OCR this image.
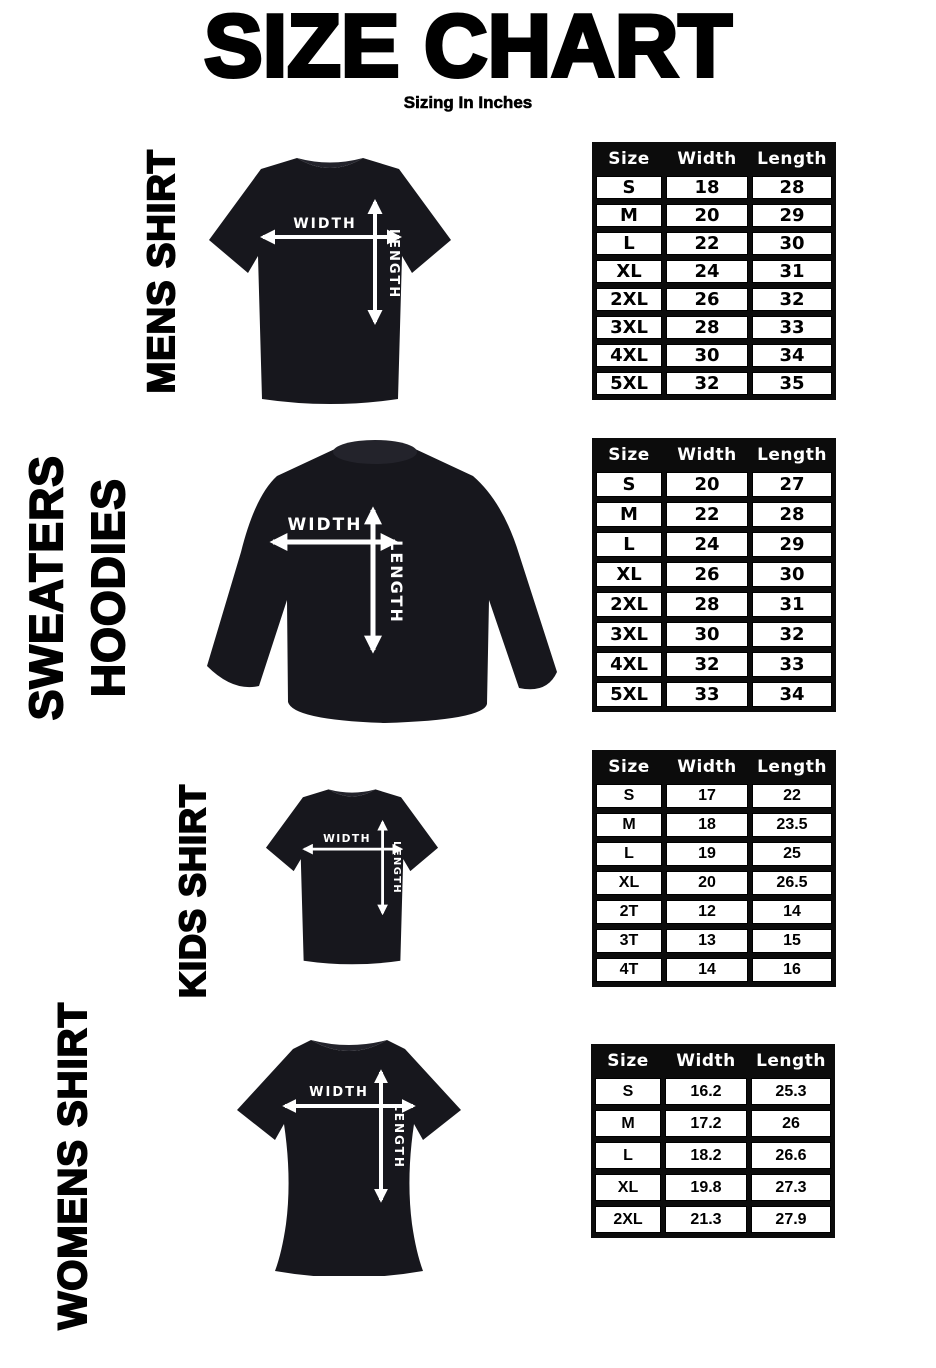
SIZE CHART
Sizing In Inches
MENS SHIRT	WIDTH
LENGTH
Size	Width	Length
S	18	28
M	20	29
L	22	30
XL	24	31
2XL	26	32
3XL	28	33
4XL	30	34
5XL	32	35
SWEATERS HOODIES	WIDTH
LENGTH
Size	Width	Length
S	20	27
M	22	28
L	24	29
XL	26	30
2XL	28	31
3XL	30	32
4XL	32	33
5XL	33	34
KIDS SHIRT	WIDTH
LENGTH
Size	Width	Length
S	17	22
M	18	23.5
L	19	25
XL	20	26.5
2T	12	14
3T	13	15
4T	14	16
WOMENS SHIRT	WIDTH
LENGTH
Size	Width	Length
S	16.2	25.3
M	17.2	26
L	18.2	26.6
XL	19.8	27.3
2XL	21.3	27.9
